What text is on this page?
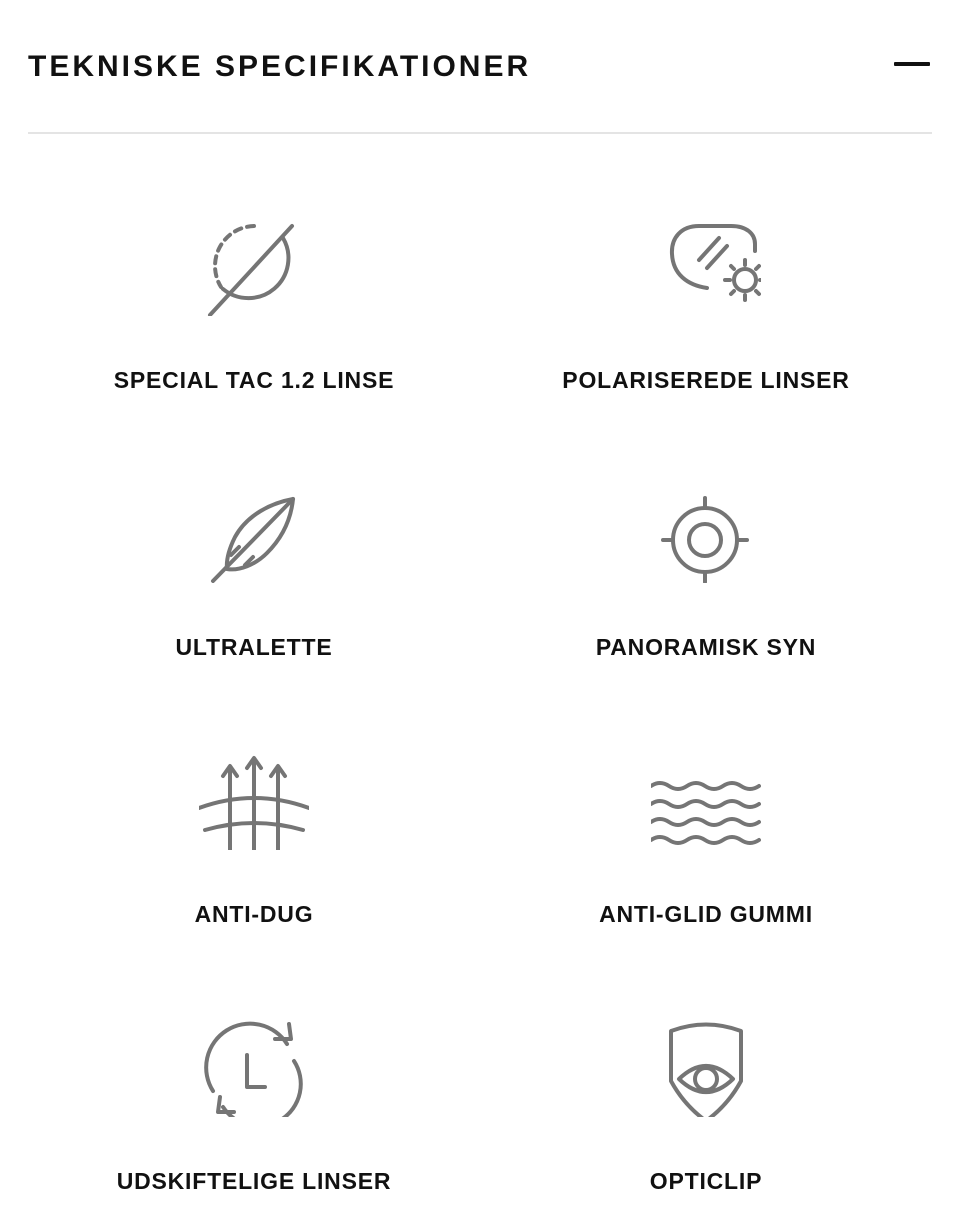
TEKNISKE SPECIFIKATIONER
SPECIAL TAC 1.2 LINSE	POLARISEREDE LINSER
ULTRALETTE	PANORAMISK SYN
ANTI-DUG	ANTI-GLID GUMMI
UDSKIFTELIGE LINSER	OPTICLIP
